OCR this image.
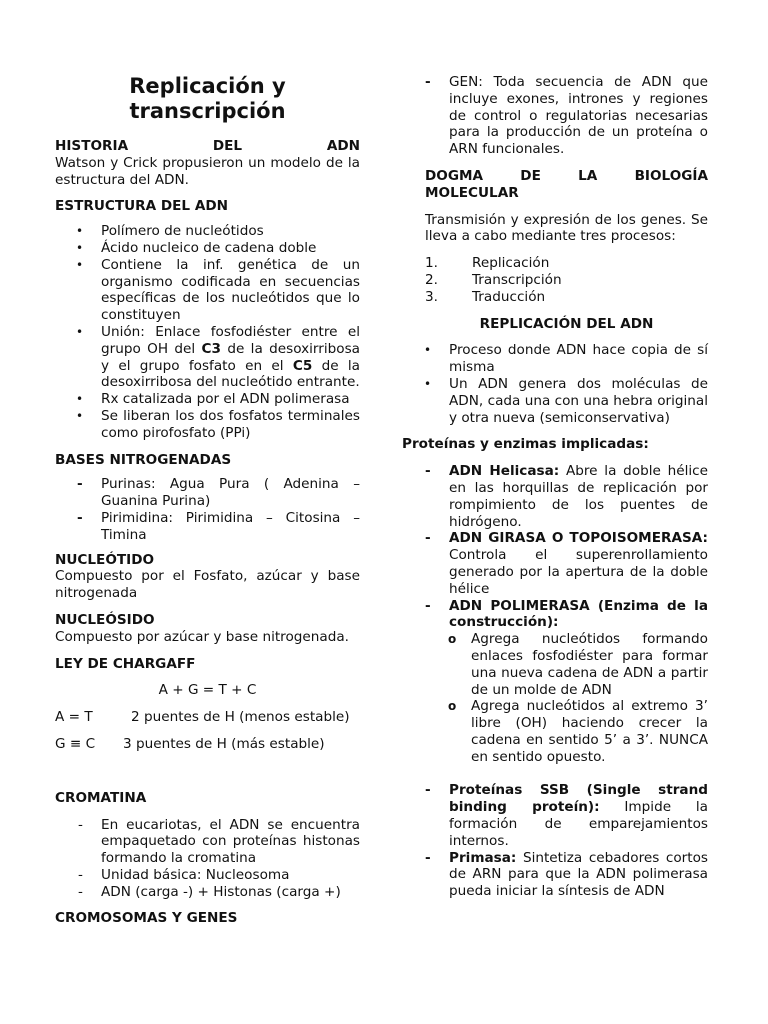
Replicación y transcripción
HISTORIA	DEL	ADN

Watson y Crick propusieron un modelo de la estructura del ADN.

ESTRUCTURA DEL ADN
• Polímero de nucleótidos
• Ácido nucleico de cadena doble
• Contiene la inf. genética de un organismo codificada en secuencias específicas de los nucleótidos que lo constituyen
• Unión: Enlace fosfodiéster entre el grupo OH del C3 de la desoxirribosa y el grupo fosfato en el C5 de la desoxirribosa del nucleótido entrante.
• Rx catalizada por el ADN polimerasa
• Se liberan los dos fosfatos terminales como pirofosfato (PPi)
BASES NITROGENADAS
- Purinas: Agua Pura ( Adenina – Guanina Purina)
- Pirimidina: Pirimidina – Citosina – Timina
NUCLEÓTIDO

Compuesto por el Fosfato, azúcar y base nitrogenada

NUCLEÓSIDO

Compuesto por azúcar y base nitrogenada.

LEY DE CHARGAFF
A + G = T + C
A = T	2 puentes de H (menos estable)
G ≡ C	3 puentes de H (más estable)
CROMATINA
- En eucariotas, el ADN se encuentra empaquetado con proteínas histonas formando la cromatina
- Unidad básica: Nucleosoma
- ADN (carga -) + Histonas (carga +)
CROMOSOMAS Y GENES
- GEN: Toda secuencia de ADN que incluye exones, intrones y regiones de control o regulatorias necesarias para la producción de un proteína o ARN funcionales.
DOGMA	DE	LA	BIOLOGÍA
MOLECULAR

Transmisión y expresión de los genes. Se lleva a cabo mediante tres procesos:

1.	Replicación
2.	Transcripción
3.	Traducción
REPLICACIÓN DEL ADN
• Proceso donde ADN hace copia de sí misma
• Un ADN genera dos moléculas de ADN, cada una con una hebra original y otra nueva (semiconservativa)
Proteínas y enzimas implicadas:
- ADN Helicasa: Abre la doble hélice en las horquillas de replicación por rompimiento de los puentes de hidrógeno.
- ADN GIRASA O TOPOISOMERASA: Controla el superenrollamiento generado por la apertura de la doble hélice
- ADN POLIMERASA (Enzima de la construcción):
o Agrega nucleótidos formando enlaces fosfodiéster para formar una nueva cadena de ADN a partir de un molde de ADN
o Agrega nucleótidos al extremo 3’ libre (OH) haciendo crecer la cadena en sentido 5’ a 3’. NUNCA en sentido opuesto.
- Proteínas SSB (Single strand binding proteín): Impide la formación de emparejamientos internos.
- Primasa: Sintetiza cebadores cortos de ARN para que la ADN polimerasa pueda iniciar la síntesis de ADN
